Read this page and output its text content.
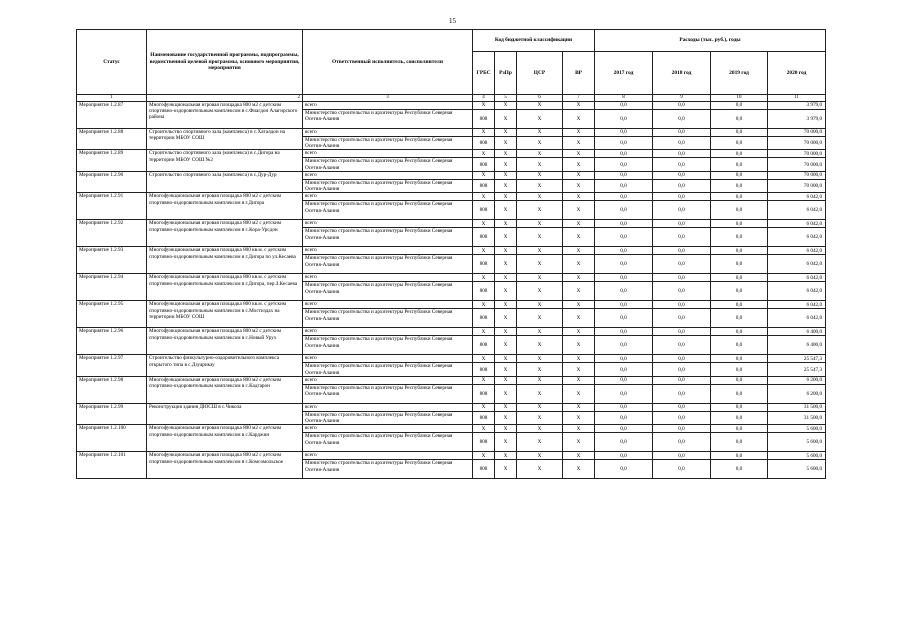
15
Статус	Наименование государственной программы, подпрограммы, ведомственной целевой программы, основного мероприятия, мероприятия	Ответственный исполнитель, соисполнители	Код бюджетной классификации				Расходы (тыс. руб.), годы			
			ГРБС	РзПр	ЦСР	ВР	2017 год	2018 год	2019 год	2020 год
1	2	3	4	5	6	7	8	9	10	11
Мероприятие 1.2.87	Многофункциональная игровая площадка 800 м2 с детским спортивно-оздоровительным комплексом в с.Фиагдон Алагирского района	всего	Х	Х	Х	Х	0,0	0,0	0,0	3 979,0
		Министерство строительства и архитектуры Республики Северная Осетия-Алания	808	Х	Х	Х	0,0	0,0	0,0	3 979,0
Мероприятие 1.2.88	Строительство спортивного зала (комплекса) в с.Хаталдон на территории МБОУ СОШ	всего	Х	Х	Х	Х	0,0	0,0	0,0	70 000,0
		Министерство строительства и архитектуры Республики Северная Осетия-Алания	808	Х	Х	Х	0,0	0,0	0,0	70 000,0
Мероприятие 1.2.89	Строительство спортивного зала (комплекса) в с.Дигора на территории МБОУ СОШ №2	всего	Х	Х	Х	Х	0,0	0,0	0,0	70 000,0
		Министерство строительства и архитектуры Республики Северная Осетия-Алания	808	Х	Х	Х	0,0	0,0	0,0	70 000,0
Мероприятие 1.2.90	Строительство спортивного зала (комплекса) в с.Дур-Дур	всего	Х	Х	Х	Х	0,0	0,0	0,0	70 000,0
		Министерство строительства и архитектуры Республики Северная Осетия-Алания	808	Х	Х	Х	0,0	0,0	0,0	70 000,0
Мероприятие 1.2.91	Многофункциональная игровая площадка 800 м2 с детским спортивно-оздоровительным комплексом в г.Дигора	всего	Х	Х	Х	Х	0,0	0,0	0,0	6 042,0
		Министерство строительства и архитектуры Республики Северная Осетия-Алания	808	Х	Х	Х	0,0	0,0	0,0	6 042,0
Мероприятие 1.2.92	Многофункциональная игровая площадка 800 м2 с детским спортивно-оздоровительным комплексом в с.Кора-Урсдон	всего	Х	Х	Х	Х	0,0	0,0	0,0	6 042,0
		Министерство строительства и архитектуры Республики Северная Осетия-Алания	808	Х	Х	Х	0,0	0,0	0,0	6 042,0
Мероприятие 1.2.93	Многофункциональная игровая площадка 800 кв.м. с детским спортивно-оздоровительным комплексом в г.Дигора по ул.Кесаева	всего	Х	Х	Х	Х	0,0	0,0	0,0	6 042,0
		Министерство строительства и архитектуры Республики Северная Осетия-Алания	808	Х	Х	Х	0,0	0,0	0,0	6 042,0
Мероприятие 1.2.94	Многофункциональная игровая площадка 800 кв.м. с детским спортивно-оздоровительным комплексом в г.Дигора, пер.З.Кесаева	всего	Х	Х	Х	Х	0,0	0,0	0,0	6 042,0
		Министерство строительства и архитектуры Республики Северная Осетия-Алания	808	Х	Х	Х	0,0	0,0	0,0	6 042,0
Мероприятие 1.2.95	Многофункциональная игровая площадка 800 кв.м. с детским спортивно-оздоровительным комплексом в с.Мостиздах на территории МБОУ СОШ	всего	Х	Х	Х	Х	0,0	0,0	0,0	6 042,0
		Министерство строительства и архитектуры Республики Северная Осетия-Алания	808	Х	Х	Х	0,0	0,0	0,0	6 042,0
Мероприятие 1.2.96	Многофункциональная игровая площадка 800 м2 с детским спортивно-оздоровительным комплексом в с.Новый Урух	всего	Х	Х	Х	Х	0,0	0,0	0,0	6 400,0
		Министерство строительства и архитектуры Республики Северная Осетия-Алания	808	Х	Х	Х	0,0	0,0	0,0	6 400,0
Мероприятие 1.2.97	Строительство физкультурно-оздоровительного комплекса открытого типа в с.Дзуарикау	всего	Х	Х	Х	Х	0,0	0,0	0,0	25 547,3
		Министерство строительства и архитектуры Республики Северная Осетия-Алания	808	Х	Х	Х	0,0	0,0	0,0	25 547,3
Мероприятие 1.2.98	Многофункциональная игровая площадка 800 м2 с детским спортивно-оздоровительным комплексом в с.Кадгарон	всего	Х	Х	Х	Х	0,0	0,0	0,0	6 200,0
		Министерство строительства и архитектуры Республики Северная Осетия-Алания	808	Х	Х	Х	0,0	0,0	0,0	6 200,0
Мероприятие 1.2.99	Реконструкция здания ДЮСШ в с.Чикола	всего	Х	Х	Х	Х	0,0	0,0	0,0	31 500,0
		Министерство строительства и архитектуры Республики Северная Осетия-Алания	808	Х	Х	Х	0,0	0,0	0,0	31 500,0
Мероприятие 1.2.100	Многофункциональная игровая площадка 800 м2 с детским спортивно-оздоровительным комплексом в с.Карджин	всего	Х	Х	Х	Х	0,0	0,0	0,0	5 600,0
		Министерство строительства и архитектуры Республики Северная Осетия-Алания	808	Х	Х	Х	0,0	0,0	0,0	5 600,0
Мероприятие 1.2.101	Многофункциональная игровая площадка 800 м2 с детским спортивно-оздоровительным комплексом в с.Комсомольское	всего	Х	Х	Х	Х	0,0	0,0	0,0	5 600,0
		Министерство строительства и архитектуры Республики Северная Осетия-Алания	808	Х	Х	Х	0,0	0,0	0,0	5 600,0
